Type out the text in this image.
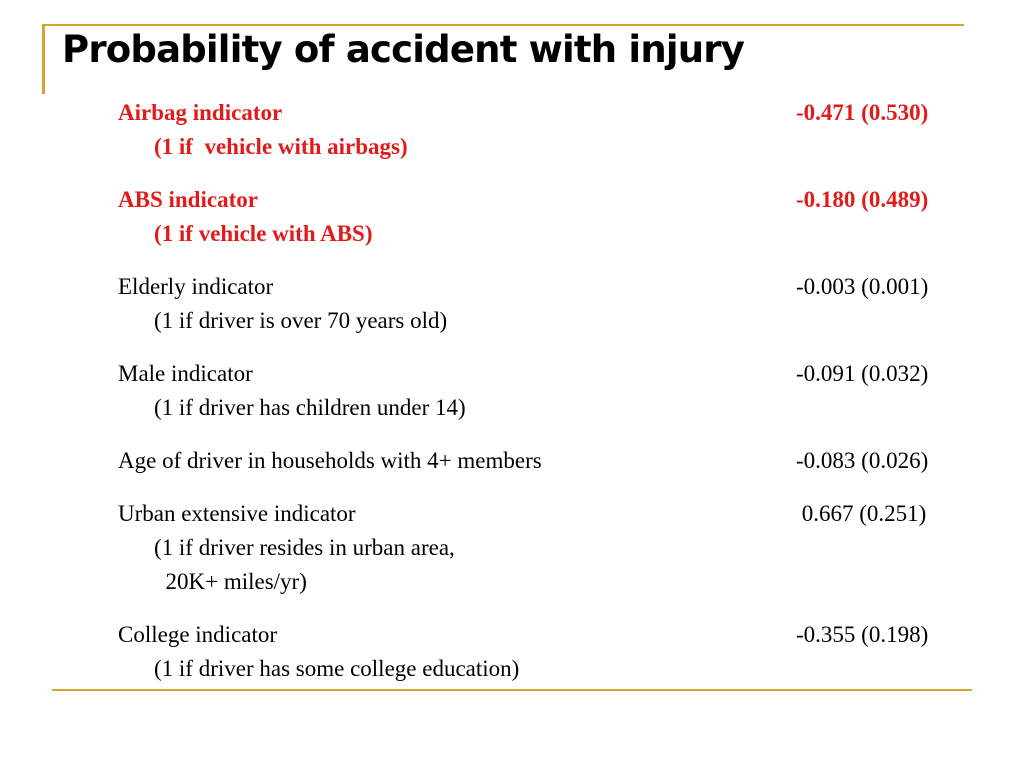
Probability of accident with injury
Airbag indicator
(1 if  vehicle with airbags)
-0.471 (0.530)
ABS indicator
(1 if vehicle with ABS)
-0.180 (0.489)
Elderly indicator
(1 if driver is over 70 years old)
-0.003 (0.001)
Male indicator
(1 if driver has children under 14)
-0.091 (0.032)
Age of driver in households with 4+ members	-0.083 (0.026)
Urban extensive indicator
(1 if driver resides in urban area,
20K+ miles/yr)
0.667 (0.251)
College indicator
(1 if driver has some college education)
-0.355 (0.198)
